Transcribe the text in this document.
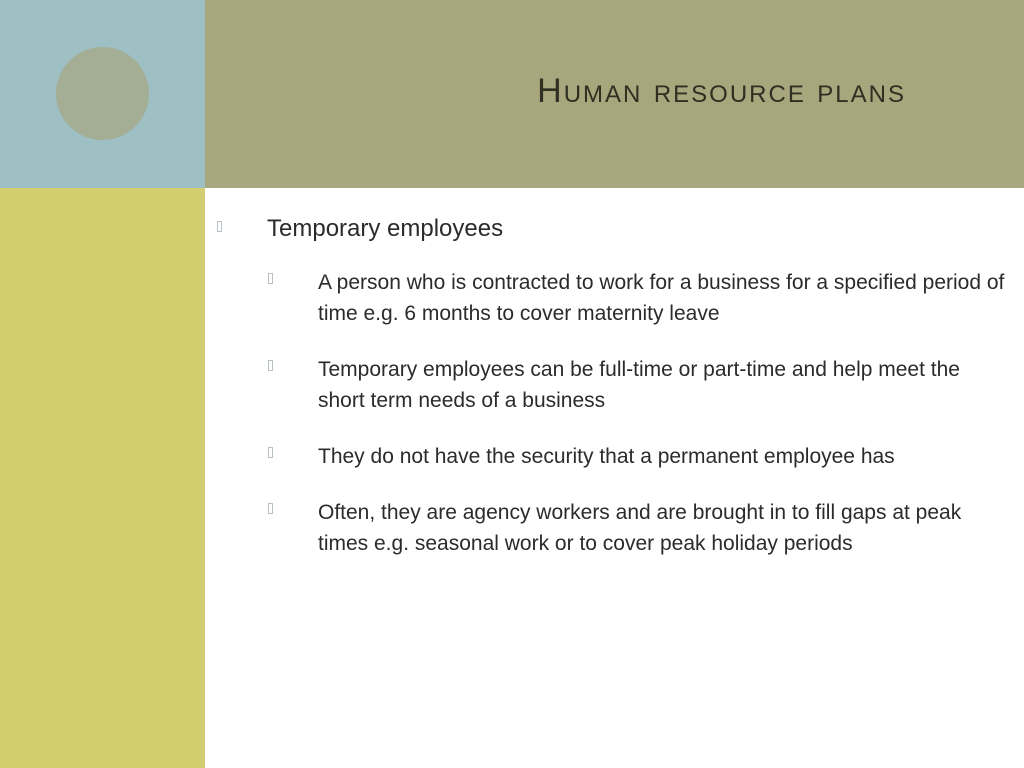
Human resource plans

Temporary employees

A person who is contracted to work for a business for a specified period of time e.g. 6 months to cover maternity leave

Temporary employees can be full-time or part-time and help meet the short term needs of a business

They do not have the security that a permanent employee has

Often, they are agency workers and are brought in to fill gaps at peak times e.g. seasonal work or to cover peak holiday periods
